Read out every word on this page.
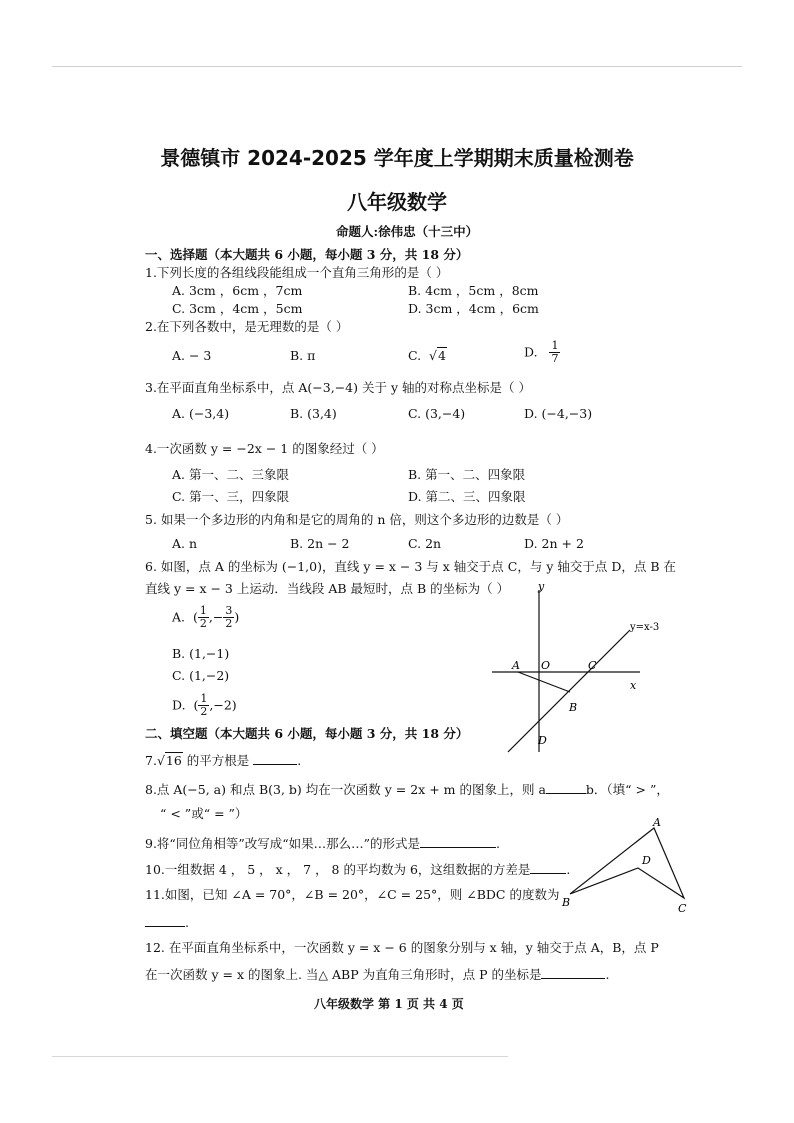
景德镇市 2024-2025 学年度上学期期末质量检测卷
八年级数学
命题人:徐伟忠（十三中）
一、选择题（本大题共 6 小题，每小题 3 分，共 18 分）
1.下列长度的各组线段能组成一个直角三角形的是（ ）
A. 3cm ，6cm ，7cm	B. 4cm ，5cm ，8cm
C. 3cm ，4cm ，5cm	D. 3cm ，4cm ，6cm
2.在下列各数中，是无理数的是（ ）
A. − 3	B. π	C.  √4	D. $\frac{1}{7}$
3.在平面直角坐标系中，点 A(−3,−4) 关于 y 轴的对称点坐标是（ ）
A. (−3,4)	B. (3,4)	C. (3,−4)	D. (−4,−3)
4.一次函数 y = −2x − 1 的图象经过（ ）
A. 第一、二、三象限	B. 第一、二、四象限
C. 第一、三，四象限	D. 第二、三、四象限
5. 如果一个多边形的内角和是它的周角的 n 倍，则这个多边形的边数是（ ）
A. n	B. 2n − 2	C. 2n	D. 2n + 2
6. 如图，点 A 的坐标为 (−1,0)，直线 y = x − 3 与 x 轴交于点 C，与 y 轴交于点 D，点 B 在
直线 y = x − 3 上运动．当线段 AB 最短时，点 B 的坐标为（ ）
A. ( $\frac{1}{2}$ ,− $\frac{3}{2}$ )
B. (1,−1)
C. (1,−2)
D. ( $\frac{1}{2} ,-2$)
y
x
y=x-3
A O	C
B
D
二、填空题（本大题共 6 小题，每小题 3 分，共 18 分）
7.√16 的平方根是	.
8.点 A(−5, a) 和点 B(3, b) 均在一次函数 y = 2x + m 的图象上，则 a	b．（填“ > ”，
“ < ”或“ = ”）
9.将“同位角相等”改写成“如果…那么…”的形式是	.
10.一组数据 4 ， 5 ， x ， 7 ， 8 的平均数为 6，这组数据的方差是	.
11.如图，已知 ∠A = 70°，∠B = 20°，∠C = 25°，则 ∠BDC 的度数为
.
A
B	C
D
12. 在平面直角坐标系中，一次函数 y = x − 6 的图象分别与 x 轴，y 轴交于点 A，B，点 P
在一次函数 y = x 的图象上. 当△ ABP 为直角三角形时，点 P 的坐标是	.
八年级数学 第 1 页 共 4 页
